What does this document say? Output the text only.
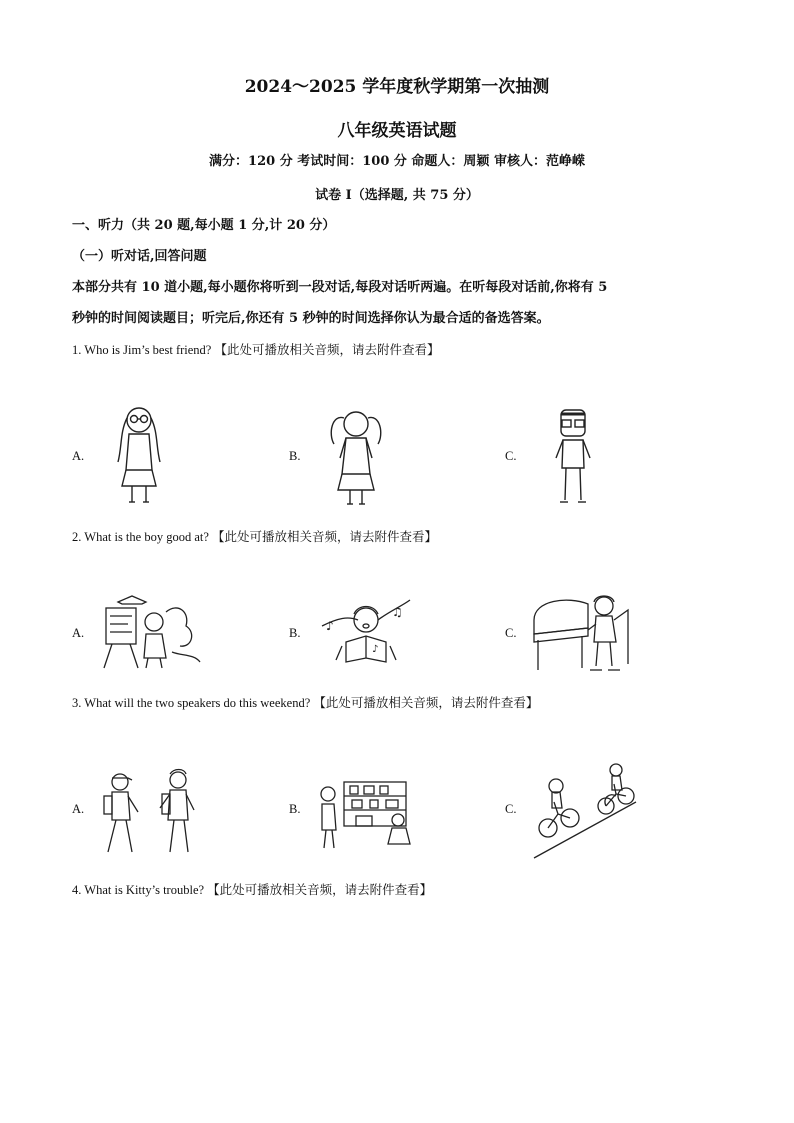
2024～2025 学年度秋学期第一次抽测
八年级英语试题
满分：120 分 考试时间：100 分 命题人：周颖 审核人：范峥嵘
试卷 I（选择题, 共 75 分）
一、听力（共 20 题,每小题 1 分,计 20 分）
（一）听对话,回答问题
本部分共有 10 道小题,每小题你将听到一段对话,每段对话听两遍。在听每段对话前,你将有 5
秒钟的时间阅读题目；听完后,你还有 5 秒钟的时间选择你认为最合适的备选答案。
1. Who is Jim’s best friend? 【此处可播放相关音频，请去附件查看】
A.	B.	C.
2. What is the boy good at? 【此处可播放相关音频，请去附件查看】
A.	B. ♪
♫
♪
C.
3. What will the two speakers do this weekend? 【此处可播放相关音频，请去附件查看】
A.	B.	C.
4. What is Kitty’s trouble? 【此处可播放相关音频，请去附件查看】
